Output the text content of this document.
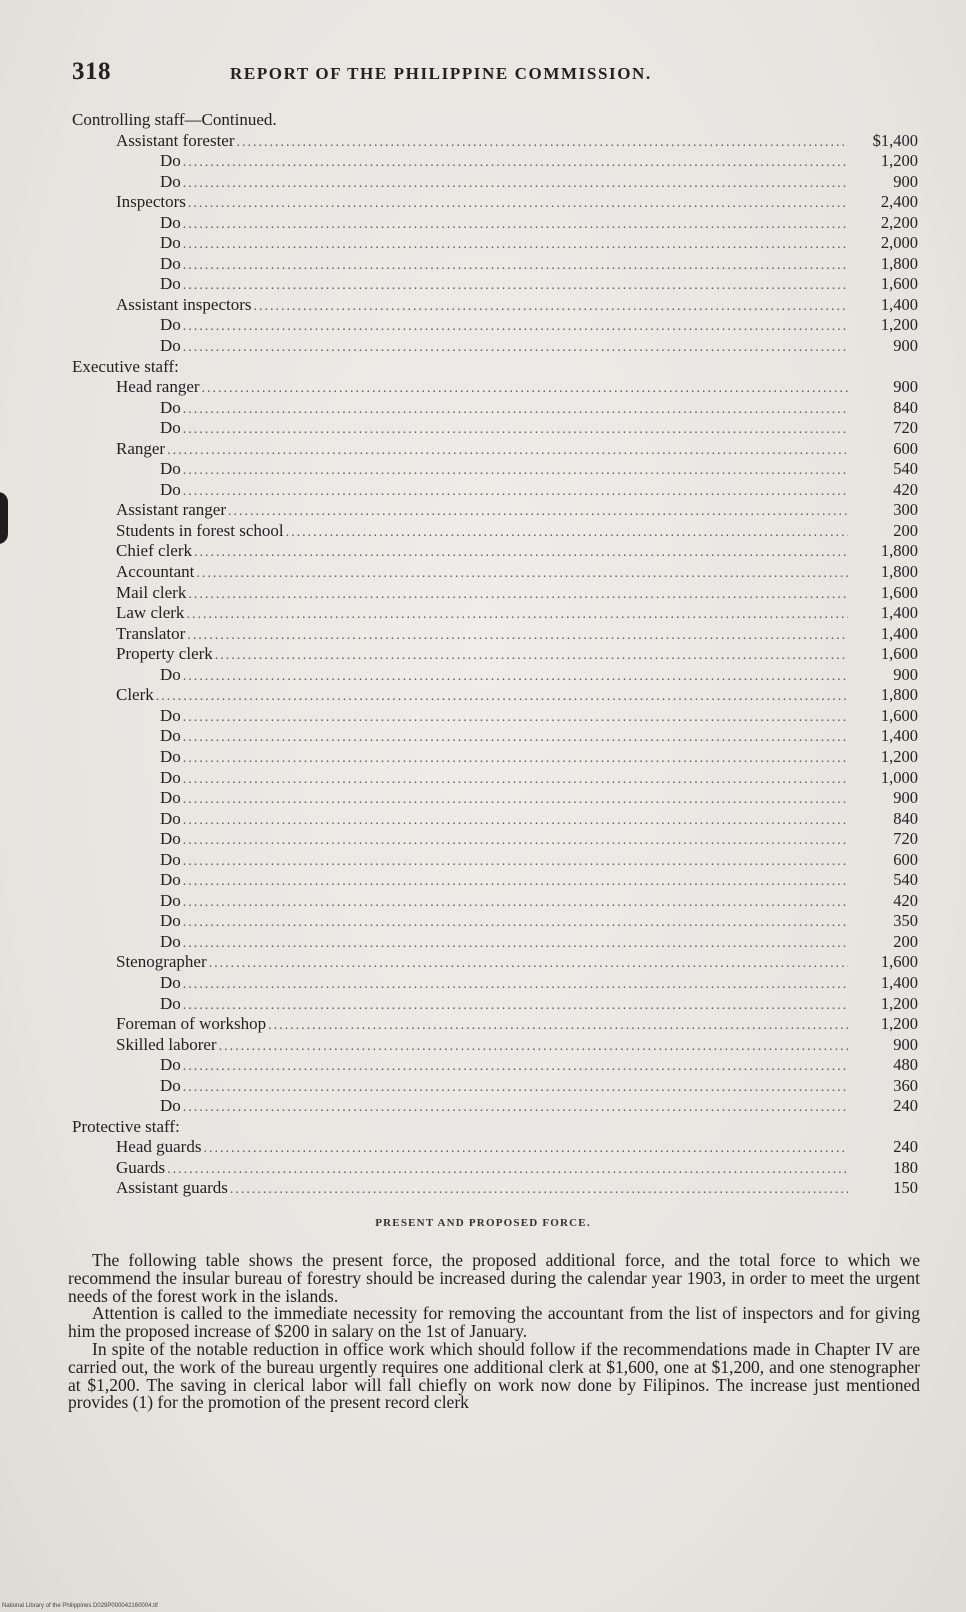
318	REPORT OF THE PHILIPPINE COMMISSION.
Controlling staff—Continued.
Assistant forester .....	$1,400
Do .....	1,200
Do .....	900
Inspectors .....	2,400
Do .....	2,200
Do .....	2,000
Do .....	1,800
Do .....	1,600
Assistant inspectors .....	1,400
Do .....	1,200
Do .....	900
Executive staff:
Head ranger .....	900
Do .....	840
Do .....	720
Ranger .....	600
Do .....	540
Do .....	420
Assistant ranger .....	300
Students in forest school .....	200
Chief clerk .....	1,800
Accountant .....	1,800
Mail clerk .....	1,600
Law clerk .....	1,400
Translator .....	1,400
Property clerk .....	1,600
Do .....	900
Clerk .....	1,800
Do .....	1,600
Do .....	1,400
Do .....	1,200
Do .....	1,000
Do .....	900
Do .....	840
Do .....	720
Do .....	600
Do .....	540
Do .....	420
Do .....	350
Do .....	200
Stenographer .....	1,600
Do .....	1,400
Do .....	1,200
Foreman of workshop .....	1,200
Skilled laborer .....	900
Do .....	480
Do .....	360
Do .....	240
Protective staff:
Head guards .....	240
Guards .....	180
Assistant guards .....	150
PRESENT AND PROPOSED FORCE.

The following table shows the present force, the proposed additional force, and the total force to which we recommend the insular bureau of forestry should be increased during the calendar year 1903, in order to meet the urgent needs of the forest work in the islands.

Attention is called to the immediate necessity for removing the accountant from the list of inspectors and for giving him the proposed increase of $200 in salary on the 1st of January.

In spite of the notable reduction in office work which should follow if the recommendations made in Chapter IV are carried out, the work of the bureau urgently requires one additional clerk at $1,600, one at $1,200, and one stenographer at $1,200. The saving in clerical labor will fall chiefly on work now done by Filipinos. The increase just mentioned provides (1) for the promotion of the present record clerk

National Library of the Philippines D029P000042160004.tif
